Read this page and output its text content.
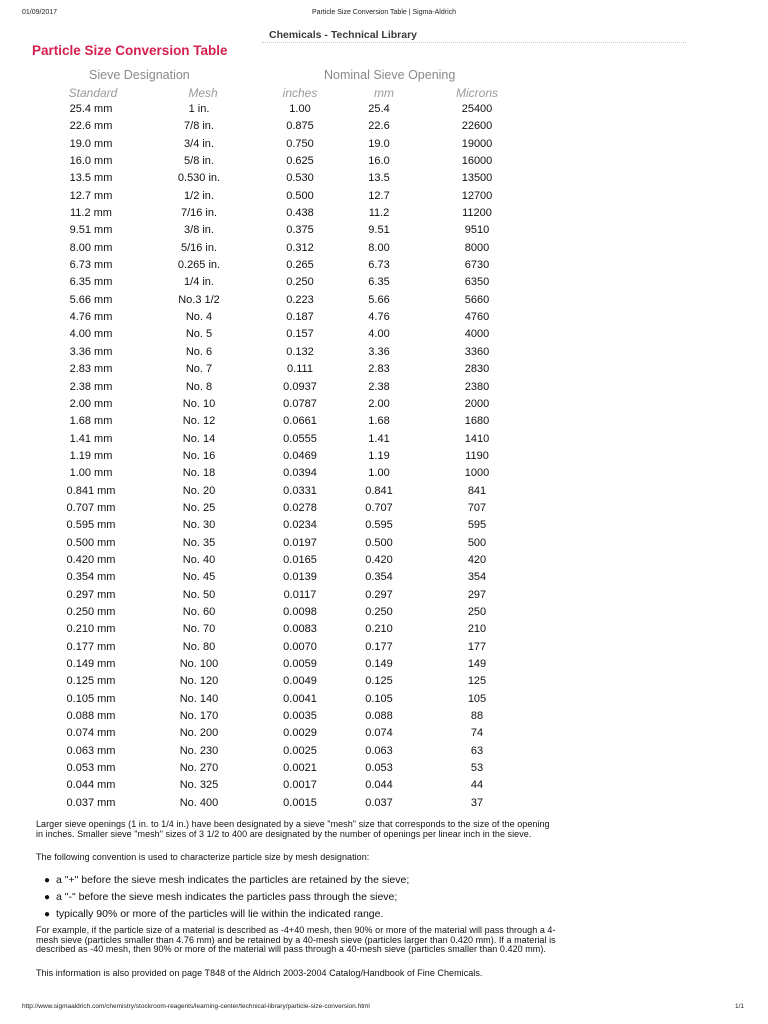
01/09/2017	Particle Size Conversion Table | Sigma-Aldrich
Chemicals - Technical Library
Particle Size Conversion Table
Sieve Designation	Nominal Sieve Opening
Standard	Mesh	inches	mm	Microns
25.4 mm	1 in.	1.00	25.4	25400
22.6 mm	7/8 in.	0.875	22.6	22600
19.0 mm	3/4 in.	0.750	19.0	19000
16.0 mm	5/8 in.	0.625	16.0	16000
13.5 mm	0.530 in.	0.530	13.5	13500
12.7 mm	1/2 in.	0.500	12.7	12700
11.2 mm	7/16 in.	0.438	11.2	11200
9.51 mm	3/8 in.	0.375	9.51	9510
8.00 mm	5/16 in.	0.312	8.00	8000
6.73 mm	0.265 in.	0.265	6.73	6730
6.35 mm	1/4 in.	0.250	6.35	6350
5.66 mm	No.3 1/2	0.223	5.66	5660
4.76 mm	No. 4	0.187	4.76	4760
4.00 mm	No. 5	0.157	4.00	4000
3.36 mm	No. 6	0.132	3.36	3360
2.83 mm	No. 7	0.111	2.83	2830
2.38 mm	No. 8	0.0937	2.38	2380
2.00 mm	No. 10	0.0787	2.00	2000
1.68 mm	No. 12	0.0661	1.68	1680
1.41 mm	No. 14	0.0555	1.41	1410
1.19 mm	No. 16	0.0469	1.19	1190
1.00 mm	No. 18	0.0394	1.00	1000
0.841 mm	No. 20	0.0331	0.841	841
0.707 mm	No. 25	0.0278	0.707	707
0.595 mm	No. 30	0.0234	0.595	595
0.500 mm	No. 35	0.0197	0.500	500
0.420 mm	No. 40	0.0165	0.420	420
0.354 mm	No. 45	0.0139	0.354	354
0.297 mm	No. 50	0.0117	0.297	297
0.250 mm	No. 60	0.0098	0.250	250
0.210 mm	No. 70	0.0083	0.210	210
0.177 mm	No. 80	0.0070	0.177	177
0.149 mm	No. 100	0.0059	0.149	149
0.125 mm	No. 120	0.0049	0.125	125
0.105 mm	No. 140	0.0041	0.105	105
0.088 mm	No. 170	0.0035	0.088	88
0.074 mm	No. 200	0.0029	0.074	74
0.063 mm	No. 230	0.0025	0.063	63
0.053 mm	No. 270	0.0021	0.053	53
0.044 mm	No. 325	0.0017	0.044	44
0.037 mm	No. 400	0.0015	0.037	37
Larger sieve openings (1 in. to 1/4 in.) have been designated by a sieve "mesh" size that corresponds to the size of the opening in inches. Smaller sieve "mesh" sizes of 3 1/2 to 400 are designated by the number of openings per linear inch in the sieve.
The following convention is used to characterize particle size by mesh designation:
● a "+" before the sieve mesh indicates the particles are retained by the sieve;
● a "-" before the sieve mesh indicates the particles pass through the sieve;
● typically 90% or more of the particles will lie within the indicated range.
For example, if the particle size of a material is described as -4+40 mesh, then 90% or more of the material will pass through a 4-mesh sieve (particles smaller than 4.76 mm) and be retained by a 40-mesh sieve (particles larger than 0.420 mm). If a material is described as -40 mesh, then 90% or more of the material will pass through a 40-mesh sieve (particles smaller than 0.420 mm).
This information is also provided on page T848 of the Aldrich 2003-2004 Catalog/Handbook of Fine Chemicals.
http://www.sigmaaldrich.com/chemistry/stockroom-reagents/learning-center/technical-library/particle-size-conversion.html	1/1
